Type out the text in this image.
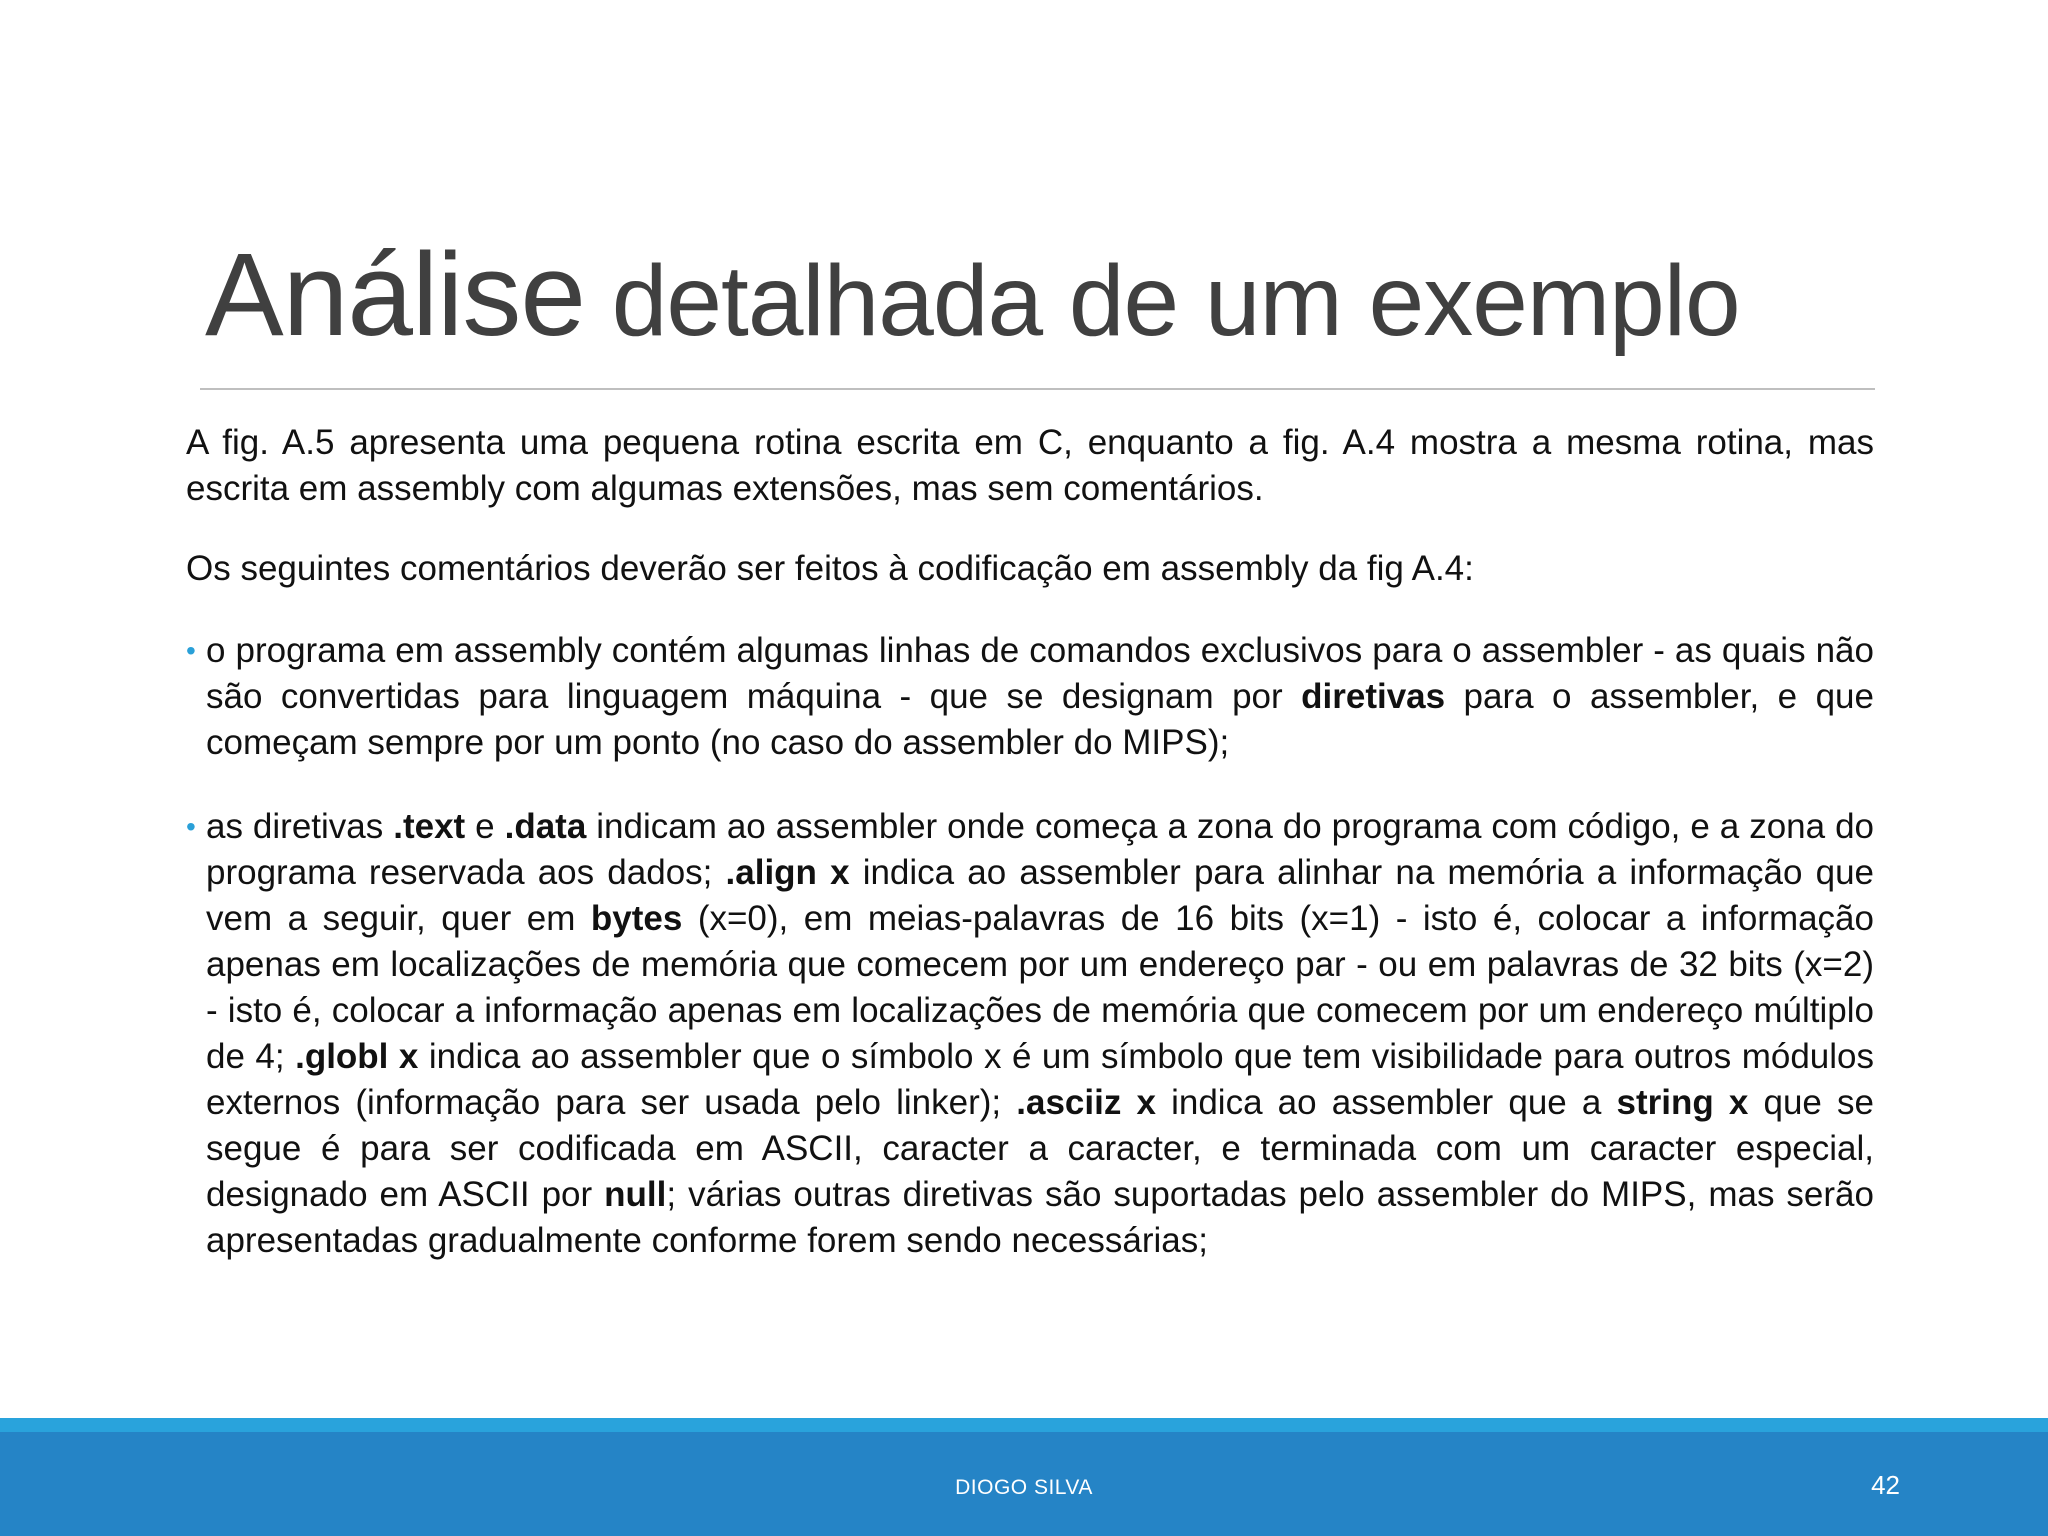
Análise detalhada de um exemplo

A fig. A.5 apresenta uma pequena rotina escrita em C, enquanto a fig. A.4 mostra a mesma rotina, mas escrita em assembly com algumas extensões, mas sem comentários.

Os seguintes comentários deverão ser feitos à codificação em assembly da fig A.4:

• o programa em assembly contém algumas linhas de comandos exclusivos para o assembler - as quais não são convertidas para linguagem máquina - que se designam por diretivas para o assembler, e que começam sempre por um ponto (no caso do assembler do MIPS);
• as diretivas .text e .data indicam ao assembler onde começa a zona do programa com código, e a zona do programa reservada aos dados; .align x indica ao assembler para alinhar na memória a informação que vem a seguir, quer em bytes (x=0), em meias-palavras de 16 bits (x=1) - isto é, colocar a informação apenas em localizações de memória que comecem por um endereço par - ou em palavras de 32 bits (x=2) - isto é, colocar a informação apenas em localizações de memória que comecem por um endereço múltiplo de 4; .globl x indica ao assembler que o símbolo x é um símbolo que tem visibilidade para outros módulos externos (informação para ser usada pelo linker); .asciiz x indica ao assembler que a string x que se segue é para ser codificada em ASCII, caracter a caracter, e terminada com um caracter especial, designado em ASCII por null; várias outras diretivas são suportadas pelo assembler do MIPS, mas serão apresentadas gradualmente conforme forem sendo necessárias;
DIOGO SILVA	42
